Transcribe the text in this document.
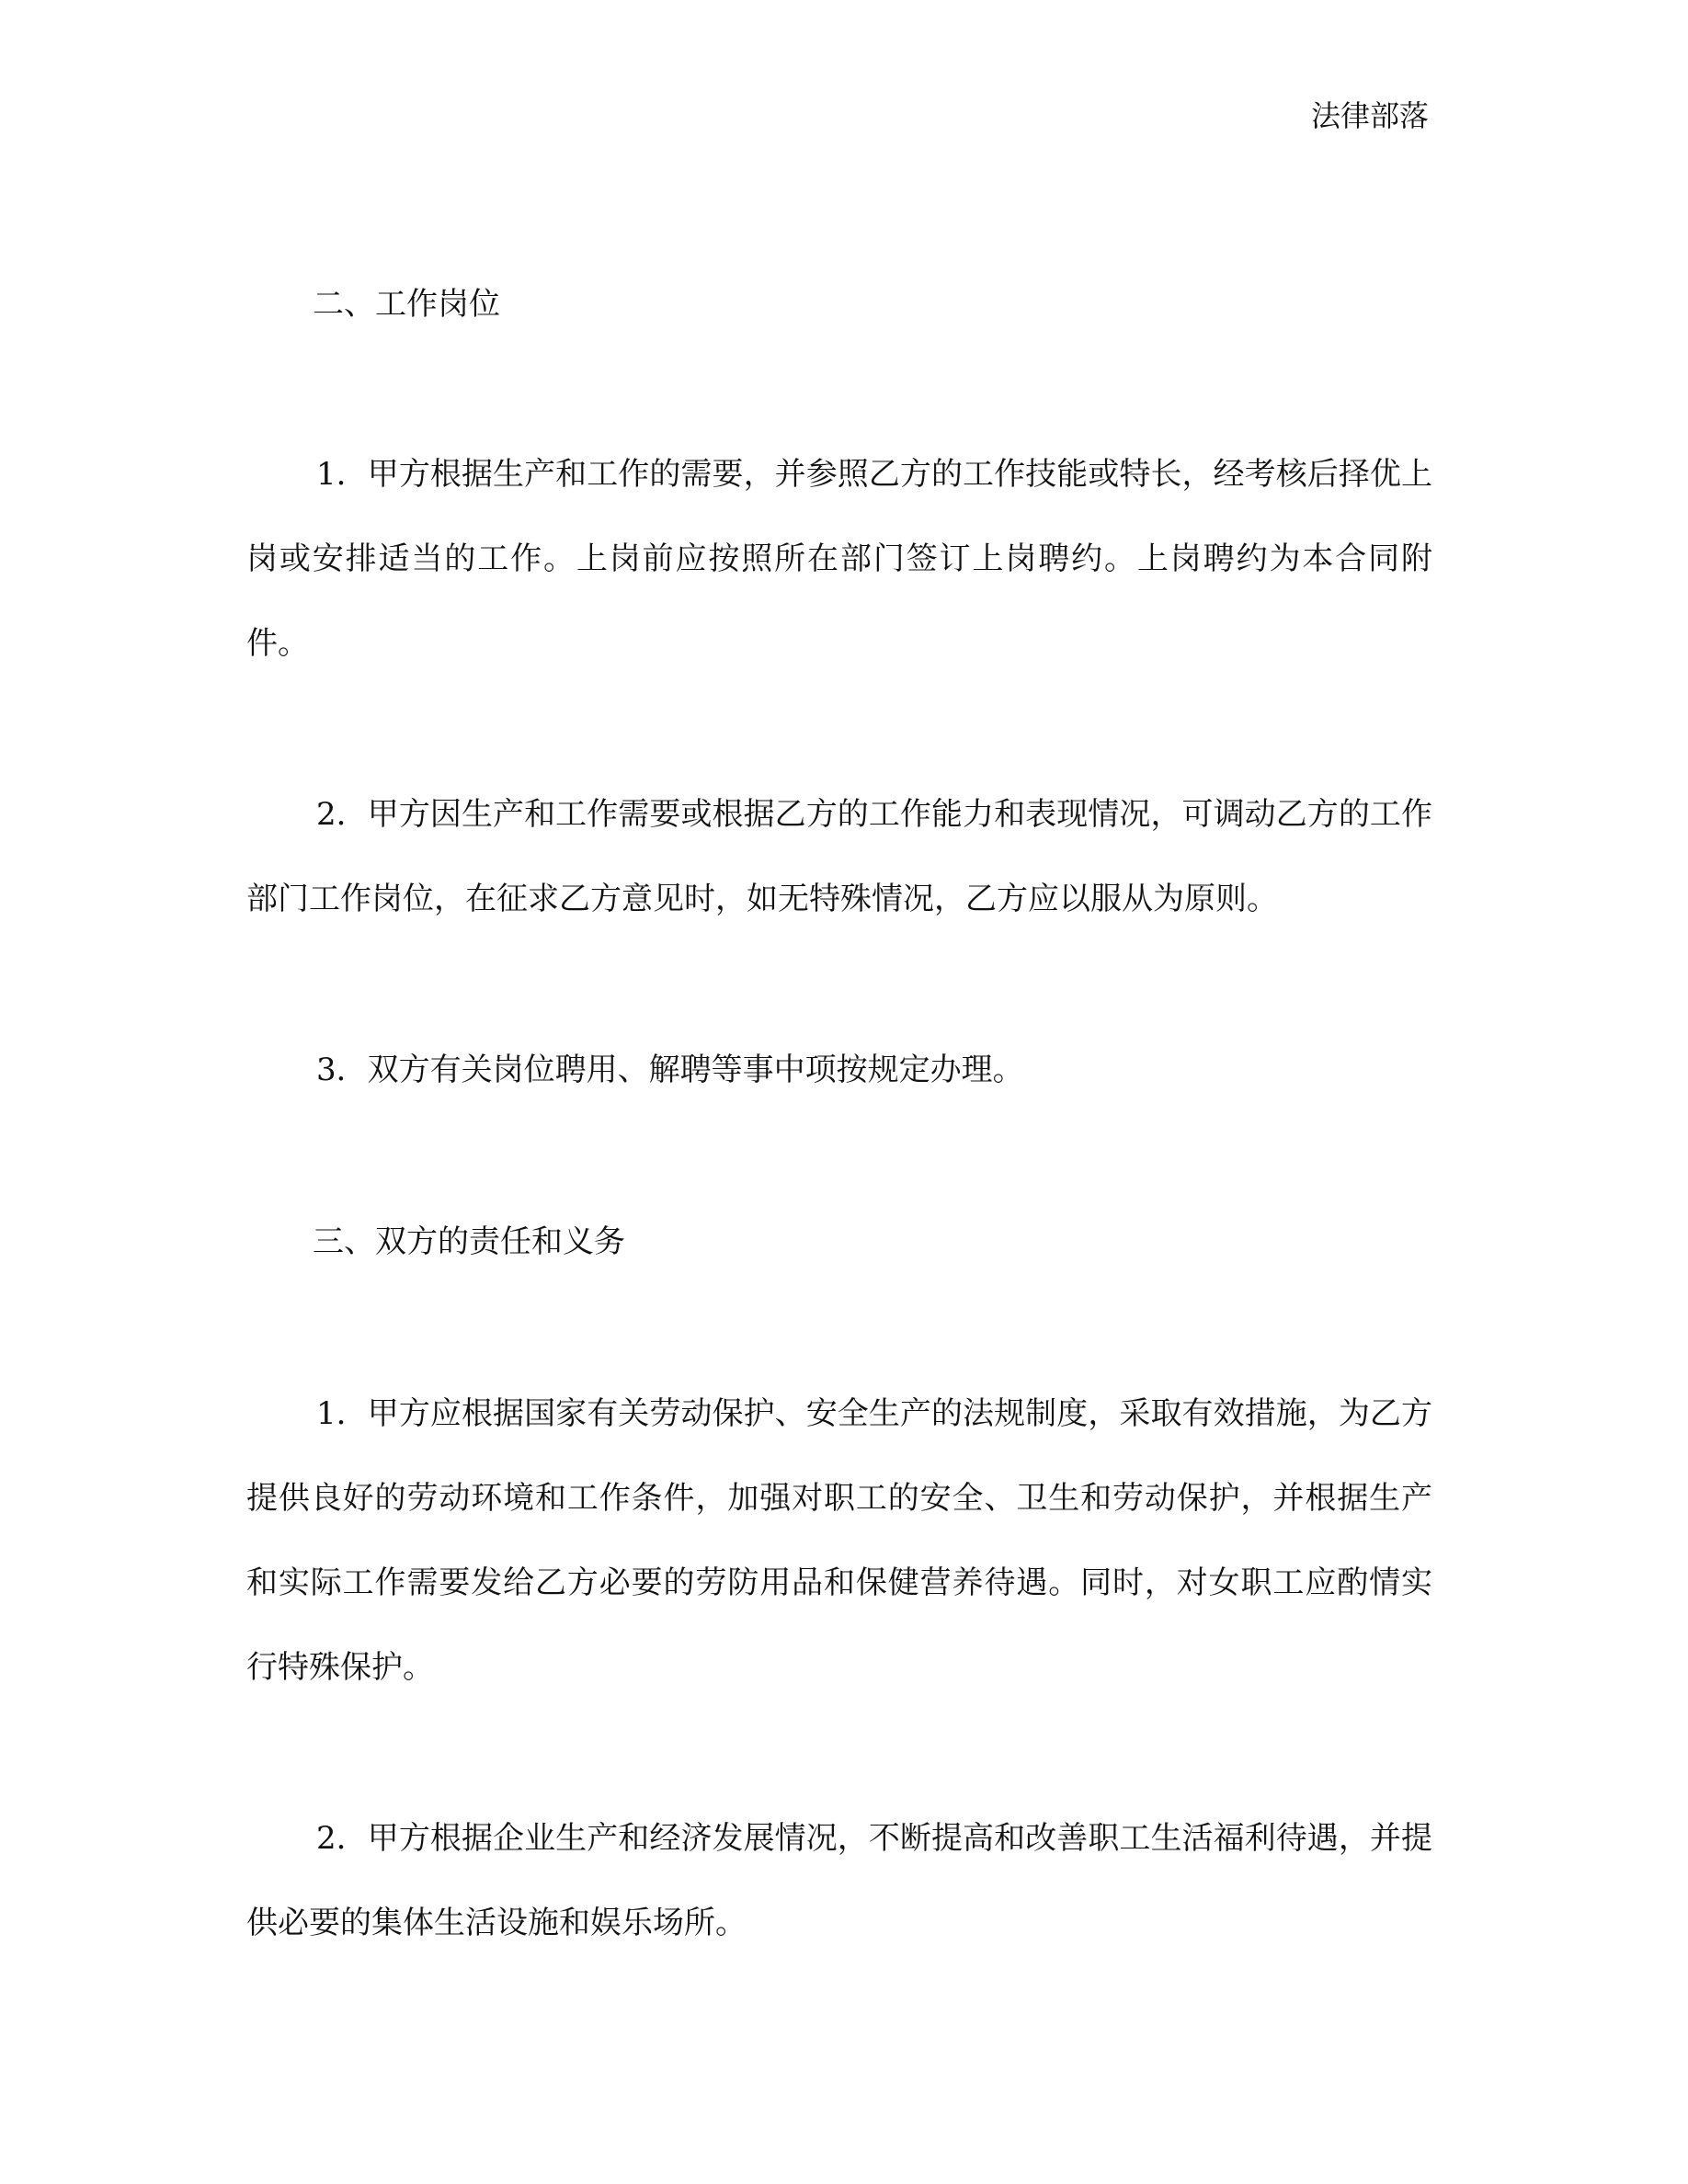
法律部落
二、工作岗位

1．甲方根据生产和工作的需要，并参照乙方的工作技能或特长，经考核后择优上岗或安排适当的工作。上岗前应按照所在部门签订上岗聘约。上岗聘约为本合同附件。

2．甲方因生产和工作需要或根据乙方的工作能力和表现情况，可调动乙方的工作部门工作岗位，在征求乙方意见时，如无特殊情况，乙方应以服从为原则。

3．双方有关岗位聘用、解聘等事中项按规定办理。

三、双方的责任和义务

1．甲方应根据国家有关劳动保护、安全生产的法规制度，采取有效措施，为乙方提供良好的劳动环境和工作条件，加强对职工的安全、卫生和劳动保护，并根据生产和实际工作需要发给乙方必要的劳防用品和保健营养待遇。同时，对女职工应酌情实行特殊保护。

2．甲方根据企业生产和经济发展情况，不断提高和改善职工生活福利待遇，并提供必要的集体生活设施和娱乐场所。
